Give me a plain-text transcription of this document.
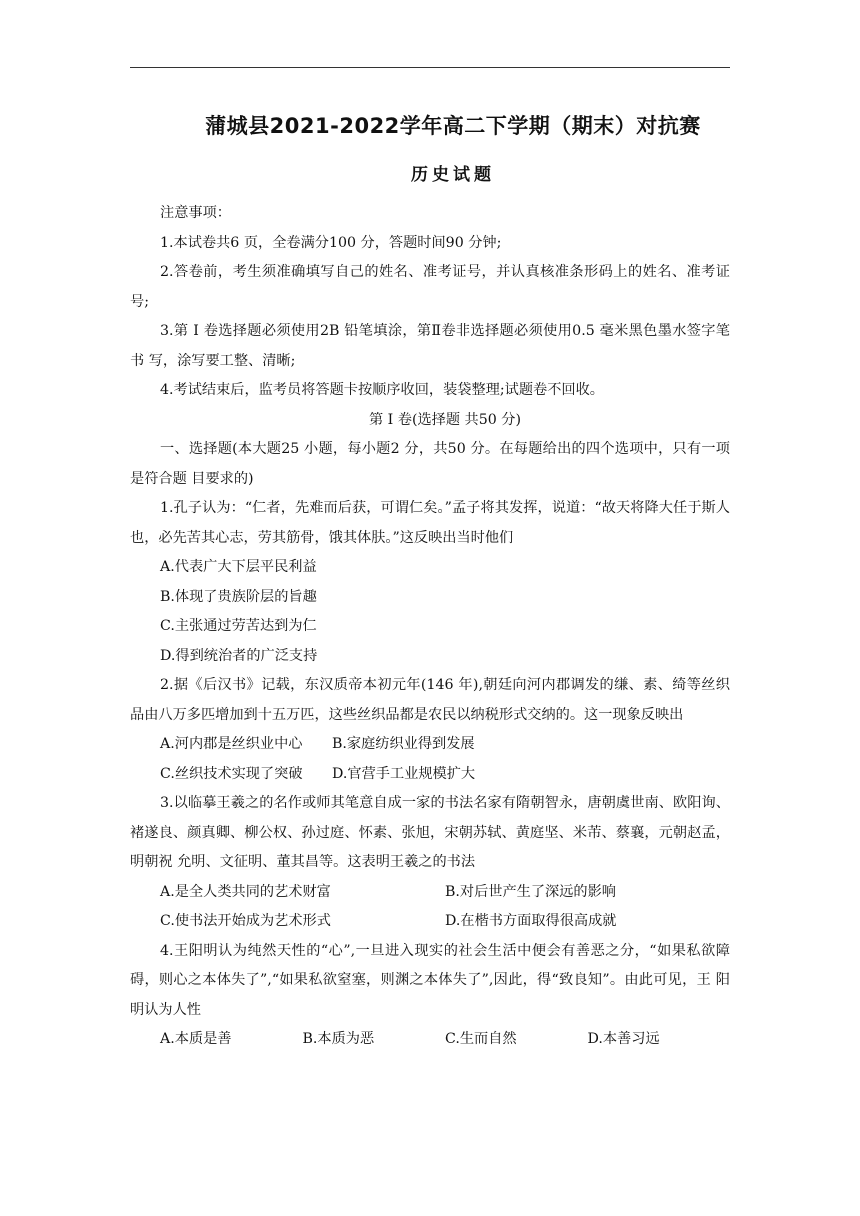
蒲城县2021-2022学年高二下学期（期末）对抗赛
历史试题

注意事项：

1.本试卷共6 页，全卷满分100 分，答题时间90 分钟;

2.答卷前，考生须准确填写自己的姓名、准考证号，并认真核准条形码上的姓名、准考证号;

3.第 I 卷选择题必须使用2B 铅笔填涂，第Ⅱ卷非选择题必须使用0.5 毫米黑色墨水签字笔书 写，涂写要工整、清晰;

4.考试结束后，监考员将答题卡按顺序收回，装袋整理;试题卷不回收。

第 I 卷(选择题 共50 分)

一、选择题(本大题25 小题，每小题2 分，共50 分。在每题给出的四个选项中，只有一项是符合题 目要求的)

1.孔子认为：“仁者，先难而后获，可谓仁矣。”孟子将其发挥，说道：“故天将降大任于斯人也，必先苦其心志，劳其筋骨，饿其体肤。”这反映出当时他们

A.代表广大下层平民利益

B.体现了贵族阶层的旨趣

C.主张通过劳苦达到为仁

D.得到统治者的广泛支持

2.据《后汉书》记载，东汉质帝本初元年(146 年),朝廷向河内郡调发的缣、素、绮等丝织品由八万多匹增加到十五万匹，这些丝织品都是农民以纳税形式交纳的。这一现象反映出

A.河内郡是丝织业中心	B.家庭纺织业得到发展
C.丝织技术实现了突破	D.官营手工业规模扩大

3.以临摹王羲之的名作或师其笔意自成一家的书法名家有隋朝智永，唐朝虞世南、欧阳询、褚遂良、颜真卿、柳公权、孙过庭、怀素、张旭，宋朝苏轼、黄庭坚、米芾、蔡襄，元朝赵孟，明朝祝 允明、文征明、董其昌等。这表明王羲之的书法

A.是全人类共同的艺术财富	B.对后世产生了深远的影响
C.使书法开始成为艺术形式	D.在楷书方面取得很高成就

4.王阳明认为纯然天性的“心”,一旦进入现实的社会生活中便会有善恶之分，“如果私欲障碍，则心之本体失了”,“如果私欲窒塞，则渊之本体失了”,因此，得“致良知”。由此可见，王 阳明认为人性

A.本质是善	B.本质为恶	C.生而自然	D.本善习远
